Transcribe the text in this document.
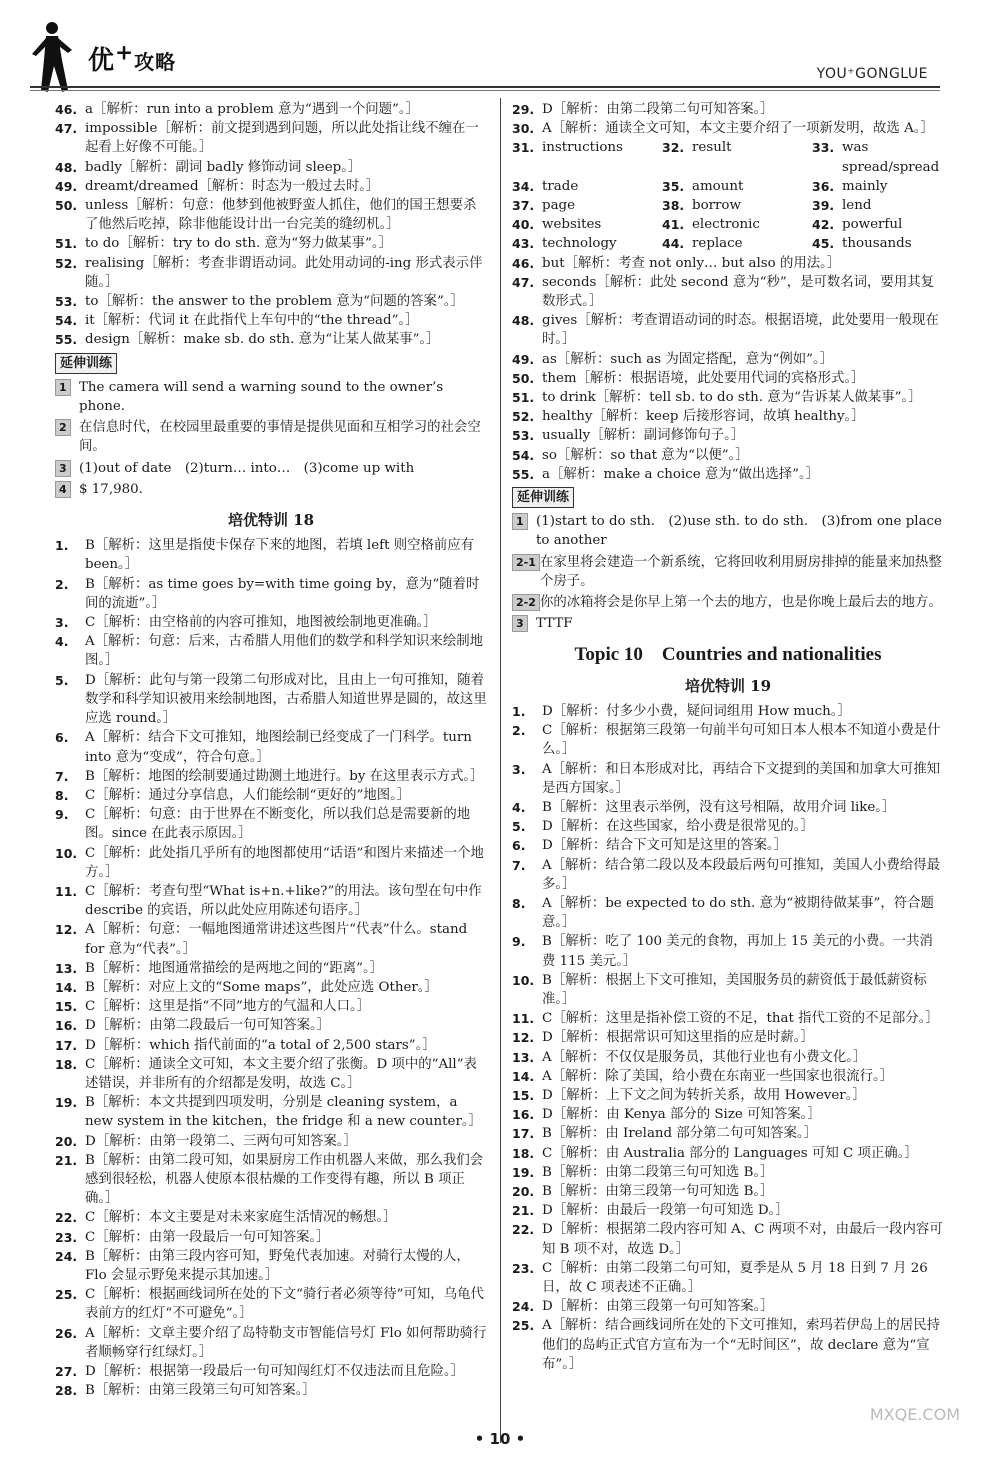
优+攻略	YOU⁺GONGLUE
46. a［解析：run into a problem 意为“遇到一个问题”。］
47. impossible［解析：前文提到遇到问题，所以此处指让线不缠在一起看上好像不可能。］
48. badly［解析：副词 badly 修饰动词 sleep。］
49. dreamt/dreamed［解析：时态为一般过去时。］
50. unless［解析：句意：他梦到他被野蛮人抓住，他们的国王想要杀了他然后吃掉，除非他能设计出一台完美的缝纫机。］
51. to do［解析：try to do sth. 意为“努力做某事”。］
52. realising［解析：考查非谓语动词。此处用动词的-ing 形式表示伴随。］
53. to［解析：the answer to the problem 意为“问题的答案”。］
54. it［解析：代词 it 在此指代上车句中的“the thread”。］
55. design［解析：make sb. do sth. 意为“让某人做某事”。］
延伸训练
1 The camera will send a warning sound to the owner’s phone.
2 在信息时代，在校园里最重要的事情是提供见面和互相学习的社会空间。
3 (1)out of date　(2)turn… into…　(3)come up with
4 $ 17,980.
培优特训 18
1. B［解析：这里是指使卡保存下来的地图，若填 left 则空格前应有 been。］
2. B［解析：as time goes by=with time going by，意为“随着时间的流逝”。］
3. C［解析：由空格前的内容可推知，地图被绘制地更准确。］
4. A［解析：句意：后来，古希腊人用他们的数学和科学知识来绘制地图。］
5. D［解析：此句与第一段第二句形成对比，且由上一句可推知，随着数学和科学知识被用来绘制地图，古希腊人知道世界是圆的，故这里应选 round。］
6. A［解析：结合下文可推知，地图绘制已经变成了一门科学。turn into 意为“变成”，符合句意。］
7. B［解析：地图的绘制要通过勘测土地进行。by 在这里表示方式。］
8. C［解析：通过分享信息，人们能绘制“更好的”地图。］
9. C［解析：句意：由于世界在不断变化，所以我们总是需要新的地图。since 在此表示原因。］
10. C［解析：此处指几乎所有的地图都使用“话语”和图片来描述一个地方。］
11. C［解析：考查句型“What is+n.+like?”的用法。该句型在句中作 describe 的宾语，所以此处应用陈述句语序。］
12. A［解析：句意：一幅地图通常讲述这些图片“代表”什么。stand for 意为“代表”。］
13. B［解析：地图通常描绘的是两地之间的“距离”。］
14. B［解析：对应上文的“Some maps”，此处应选 Other。］
15. C［解析：这里是指“不同”地方的气温和人口。］
16. D［解析：由第二段最后一句可知答案。］
17. D［解析：which 指代前面的“a total of 2,500 stars”。］
18. C［解析：通读全文可知，本文主要介绍了张衡。D 项中的“All”表述错误，并非所有的介绍都是发明，故选 C。］
19. B［解析：本文共提到四项发明，分别是 cleaning system，a new system in the kitchen，the fridge 和 a new counter。］
20. D［解析：由第一段第二、三两句可知答案。］
21. B［解析：由第二段可知，如果厨房工作由机器人来做，那么我们会感到很轻松，机器人使原本很枯燥的工作变得有趣，所以 B 项正确。］
22. C［解析：本文主要是对未来家庭生活情况的畅想。］
23. C［解析：由第一段最后一句可知答案。］
24. B［解析：由第三段内容可知，野兔代表加速。对骑行太慢的人，Flo 会显示野兔来提示其加速。］
25. C［解析：根据画线词所在处的下文“骑行者必须等待”可知，乌龟代表前方的红灯“不可避免”。］
26. A［解析：文章主要介绍了岛特勒支市智能信号灯 Flo 如何帮助骑行者顺畅穿行红绿灯。］
27. D［解析：根据第一段最后一句可知闯红灯不仅违法而且危险。］
28. B［解析：由第三段第三句可知答案。］
29. D［解析：由第二段第二句可知答案。］
30. A［解析：通读全文可知，本文主要介绍了一项新发明，故选 A。］
31. instructions	32. result	33. was spread/spread
34. trade	35. amount	36. mainly
37. page	38. borrow	39. lend
40. websites	41. electronic	42. powerful
43. technology	44. replace	45. thousands
46. but［解析：考查 not only… but also 的用法。］
47. seconds［解析：此处 second 意为“秒”，是可数名词，要用其复数形式。］
48. gives［解析：考查谓语动词的时态。根据语境，此处要用一般现在时。］
49. as［解析：such as 为固定搭配，意为“例如”。］
50. them［解析：根据语境，此处要用代词的宾格形式。］
51. to drink［解析：tell sb. to do sth. 意为“告诉某人做某事”。］
52. healthy［解析：keep 后接形容词，故填 healthy。］
53. usually［解析：副词修饰句子。］
54. so［解析：so that 意为“以便”。］
55. a［解析：make a choice 意为“做出选择”。］
延伸训练
1 (1)start to do sth.　(2)use sth. to do sth.　(3)from one place to another
2-1 在家里将会建造一个新系统，它将回收利用厨房排掉的能量来加热整个房子。
2-2 你的冰箱将会是你早上第一个去的地方，也是你晚上最后去的地方。
3 TTTF
Topic 10　Countries and nationalities
培优特训 19
1. D［解析：付多少小费，疑问词组用 How much。］
2. C［解析：根据第三段第一句前半句可知日本人根本不知道小费是什么。］
3. A［解析：和日本形成对比，再结合下文提到的美国和加拿大可推知是西方国家。］
4. B［解析：这里表示举例，没有这号相隔，故用介词 like。］
5. D［解析：在这些国家，给小费是很常见的。］
6. D［解析：结合下文可知是这里的答案。］
7. A［解析：结合第二段以及本段最后两句可推知，美国人小费给得最多。］
8. A［解析：be expected to do sth. 意为“被期待做某事”，符合题意。］
9. B［解析：吃了 100 美元的食物，再加上 15 美元的小费。一共消费 115 美元。］
10. B［解析：根据上下文可推知，美国服务员的薪资低于最低薪资标准。］
11. C［解析：这里是指补偿工资的不足，that 指代工资的不足部分。］
12. D［解析：根据常识可知这里指的应是时薪。］
13. A［解析：不仅仅是服务员，其他行业也有小费文化。］
14. A［解析：除了美国，给小费在东南亚一些国家也很流行。］
15. D［解析：上下文之间为转折关系，故用 However。］
16. D［解析：由 Kenya 部分的 Size 可知答案。］
17. B［解析：由 Ireland 部分第二句可知答案。］
18. C［解析：由 Australia 部分的 Languages 可知 C 项正确。］
19. B［解析：由第二段第三句可知选 B。］
20. B［解析：由第三段第一句可知选 B。］
21. D［解析：由最后一段第一句可知选 D。］
22. D［解析：根据第二段内容可知 A、C 两项不对，由最后一段内容可知 B 项不对，故选 D。］
23. C［解析：由第二段第二句可知，夏季是从 5 月 18 日到 7 月 26 日，故 C 项表述不正确。］
24. D［解析：由第三段第一句可知答案。］
25. A［解析：结合画线词所在处的下文可推知，索玛若伊岛上的居民持他们的岛屿正式官方宣布为一个“无时间区”，故 declare 意为“宣布”。］
• 10 •
MXQE.COM
